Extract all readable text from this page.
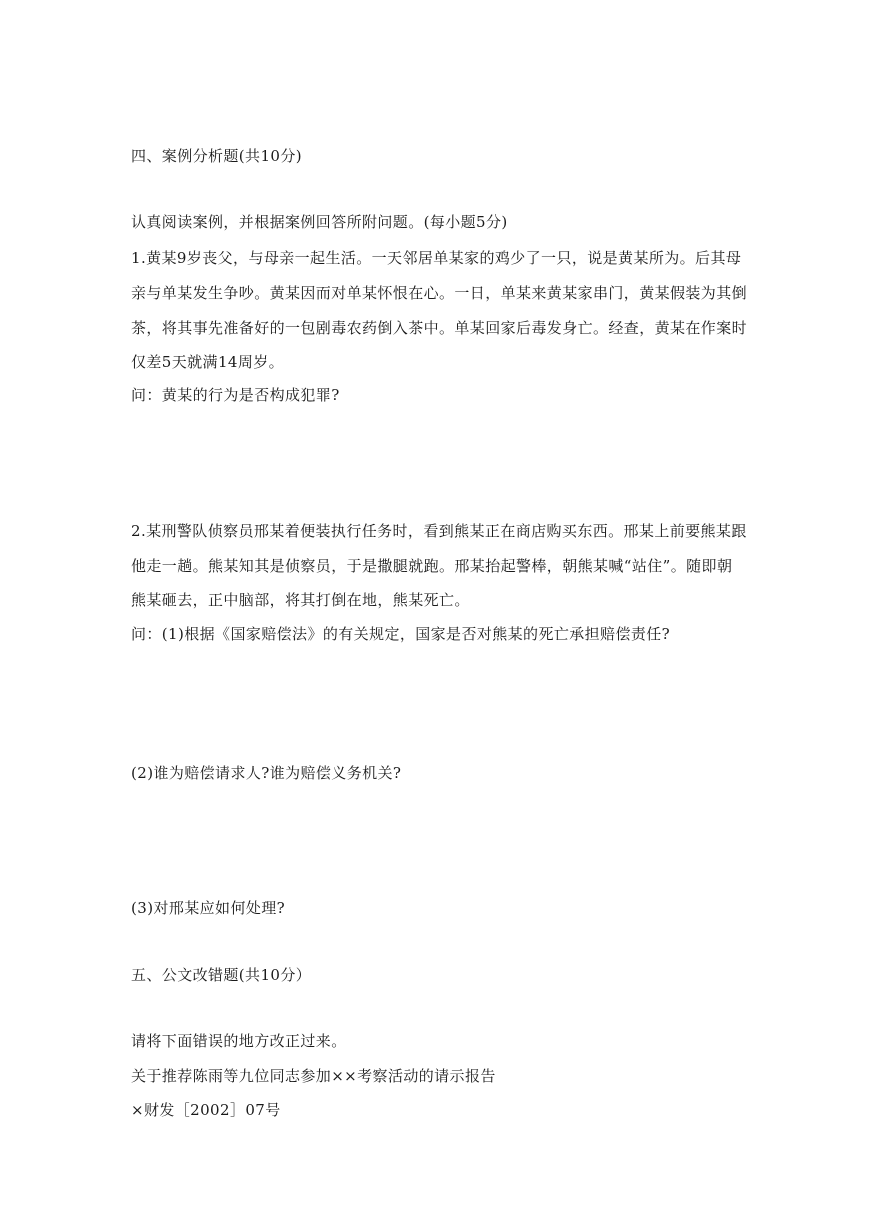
四、案例分析题(共10分)
认真阅读案例，并根据案例回答所附问题。(每小题5分)
1.黄某9岁丧父，与母亲一起生活。一天邻居单某家的鸡少了一只，说是黄某所为。后其母
亲与单某发生争吵。黄某因而对单某怀恨在心。一日，单某来黄某家串门，黄某假装为其倒
茶，将其事先准备好的一包剧毒农药倒入茶中。单某回家后毒发身亡。经查，黄某在作案时
仅差5天就满14周岁。
问：黄某的行为是否构成犯罪?
2.某刑警队侦察员邢某着便装执行任务时，看到熊某正在商店购买东西。邢某上前要熊某跟
他走一趟。熊某知其是侦察员，于是撒腿就跑。邢某抬起警棒，朝熊某喊“站住”。随即朝
熊某砸去，正中脑部，将其打倒在地，熊某死亡。
问：(1)根据《国家赔偿法》的有关规定，国家是否对熊某的死亡承担赔偿责任?
(2)谁为赔偿请求人?谁为赔偿义务机关?
(3)对邢某应如何处理?
五、公文改错题(共10分）
请将下面错误的地方改正过来。
关于推荐陈雨等九位同志参加××考察活动的请示报告
×财发［2002］07号
